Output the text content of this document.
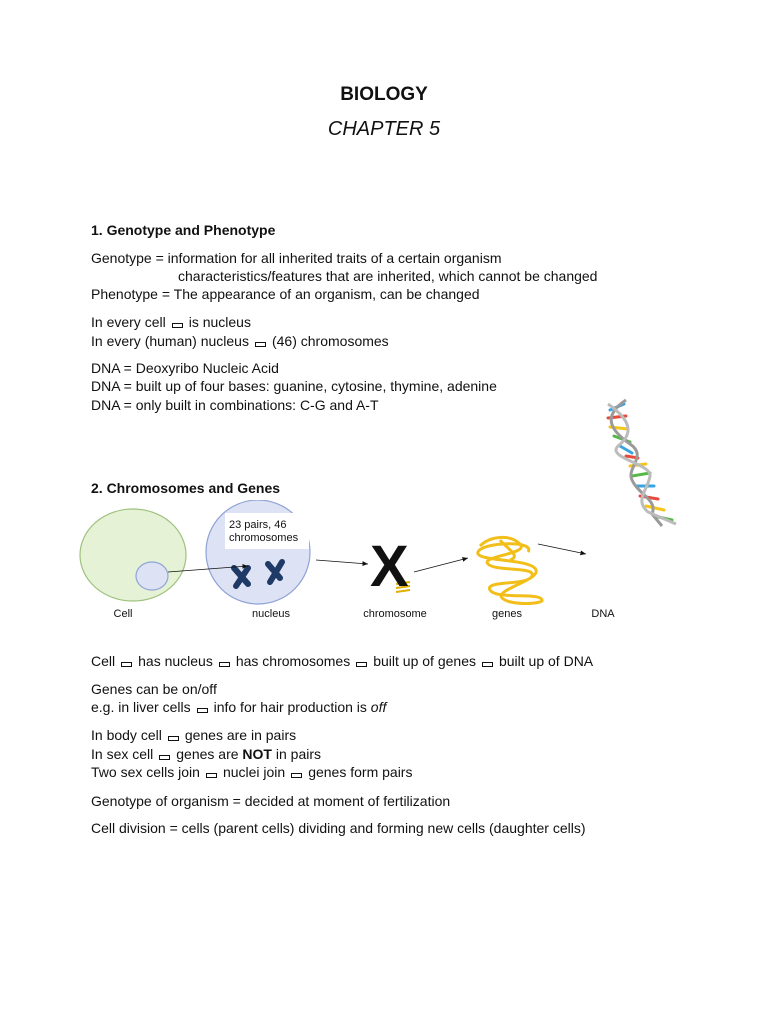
BIOLOGY
CHAPTER 5
1. Genotype and Phenotype
Genotype = information for all inherited traits of a certain organism
characteristics/features that are inherited, which cannot be changed
Phenotype = The appearance of an organism, can be changed
In every cell is nucleus
In every (human) nucleus (46) chromosomes
DNA = Deoxyribo Nucleic Acid
DNA = built up of four bases: guanine, cytosine, thymine, adenine
DNA = only built in combinations: C-G and A-T
2. Chromosomes and Genes
23 pairs, 46
chromosomes X
Cell	nucleus	chromosome	genes	DNA
Cell has nucleus has chromosomes built up of genes built up of DNA
Genes can be on/off
e.g. in liver cells info for hair production is off
In body cell genes are in pairs
In sex cell genes are NOT in pairs
Two sex cells join nuclei join genes form pairs
Genotype of organism = decided at moment of fertilization
Cell division = cells (parent cells) dividing and forming new cells (daughter cells)
